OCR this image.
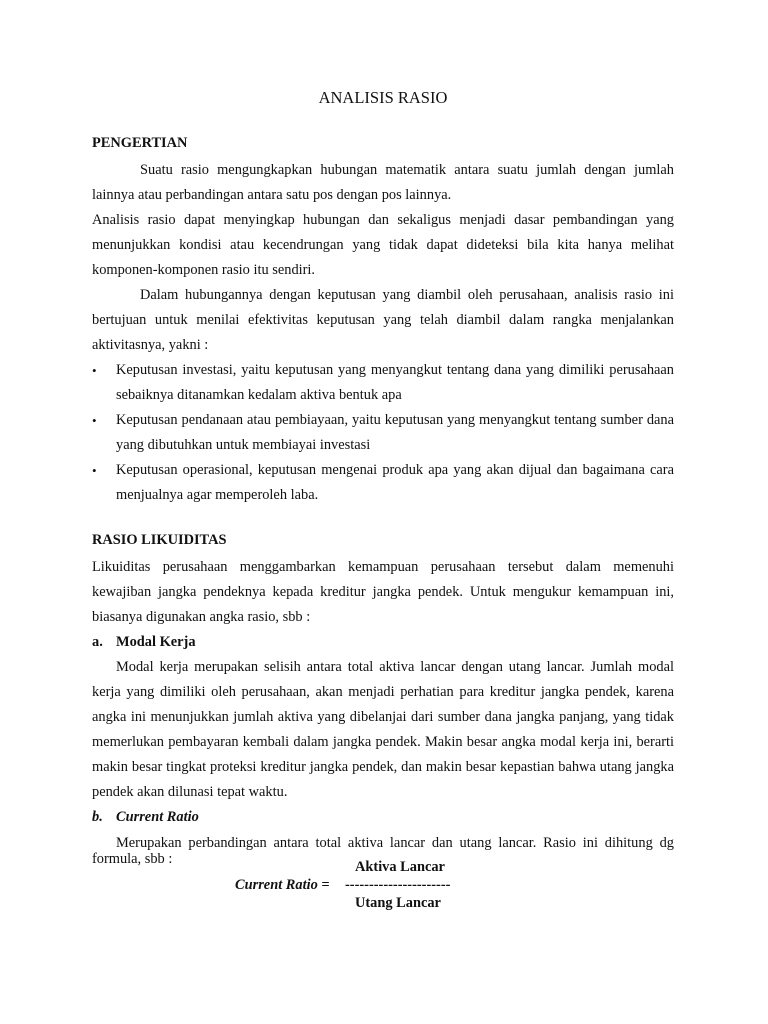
ANALISIS RASIO
PENGERTIAN

Suatu rasio mengungkapkan hubungan matematik antara suatu jumlah dengan jumlah lainnya atau perbandingan antara satu pos dengan pos lainnya.

Analisis rasio dapat menyingkap hubungan dan sekaligus menjadi dasar pembandingan yang menunjukkan kondisi atau kecendrungan yang tidak dapat dideteksi bila kita hanya melihat komponen-komponen rasio itu sendiri.

Dalam hubungannya dengan keputusan yang diambil oleh perusahaan, analisis rasio ini bertujuan untuk menilai efektivitas keputusan yang telah diambil dalam rangka menjalankan aktivitasnya, yakni :

• Keputusan investasi, yaitu keputusan yang menyangkut tentang dana yang dimiliki perusahaan sebaiknya ditanamkan kedalam aktiva bentuk apa
• Keputusan pendanaan atau pembiayaan, yaitu keputusan yang menyangkut tentang sumber dana yang dibutuhkan untuk membiayai investasi
• Keputusan operasional, keputusan mengenai produk apa yang akan dijual dan bagaimana cara menjualnya agar memperoleh laba.
RASIO LIKUIDITAS

Likuiditas perusahaan menggambarkan kemampuan perusahaan tersebut dalam memenuhi kewajiban jangka pendeknya kepada kreditur jangka pendek. Untuk mengukur kemampuan ini, biasanya digunakan angka rasio, sbb :

a. Modal Kerja

Modal kerja merupakan selisih antara total aktiva lancar dengan utang lancar. Jumlah modal kerja yang dimiliki oleh perusahaan, akan menjadi perhatian para kreditur jangka pendek, karena angka ini menunjukkan jumlah aktiva yang dibelanjai dari sumber dana jangka panjang, yang tidak memerlukan pembayaran kembali dalam jangka pendek. Makin besar angka modal kerja ini, berarti makin besar tingkat proteksi kreditur jangka pendek, dan makin besar kepastian bahwa utang jangka pendek akan dilunasi tepat waktu.

b. Current Ratio

Merupakan perbandingan antara total aktiva lancar dan utang lancar. Rasio ini dihitung dg formula, sbb :	Aktiva Lancar
Current Ratio = ----------------------
Utang Lancar
